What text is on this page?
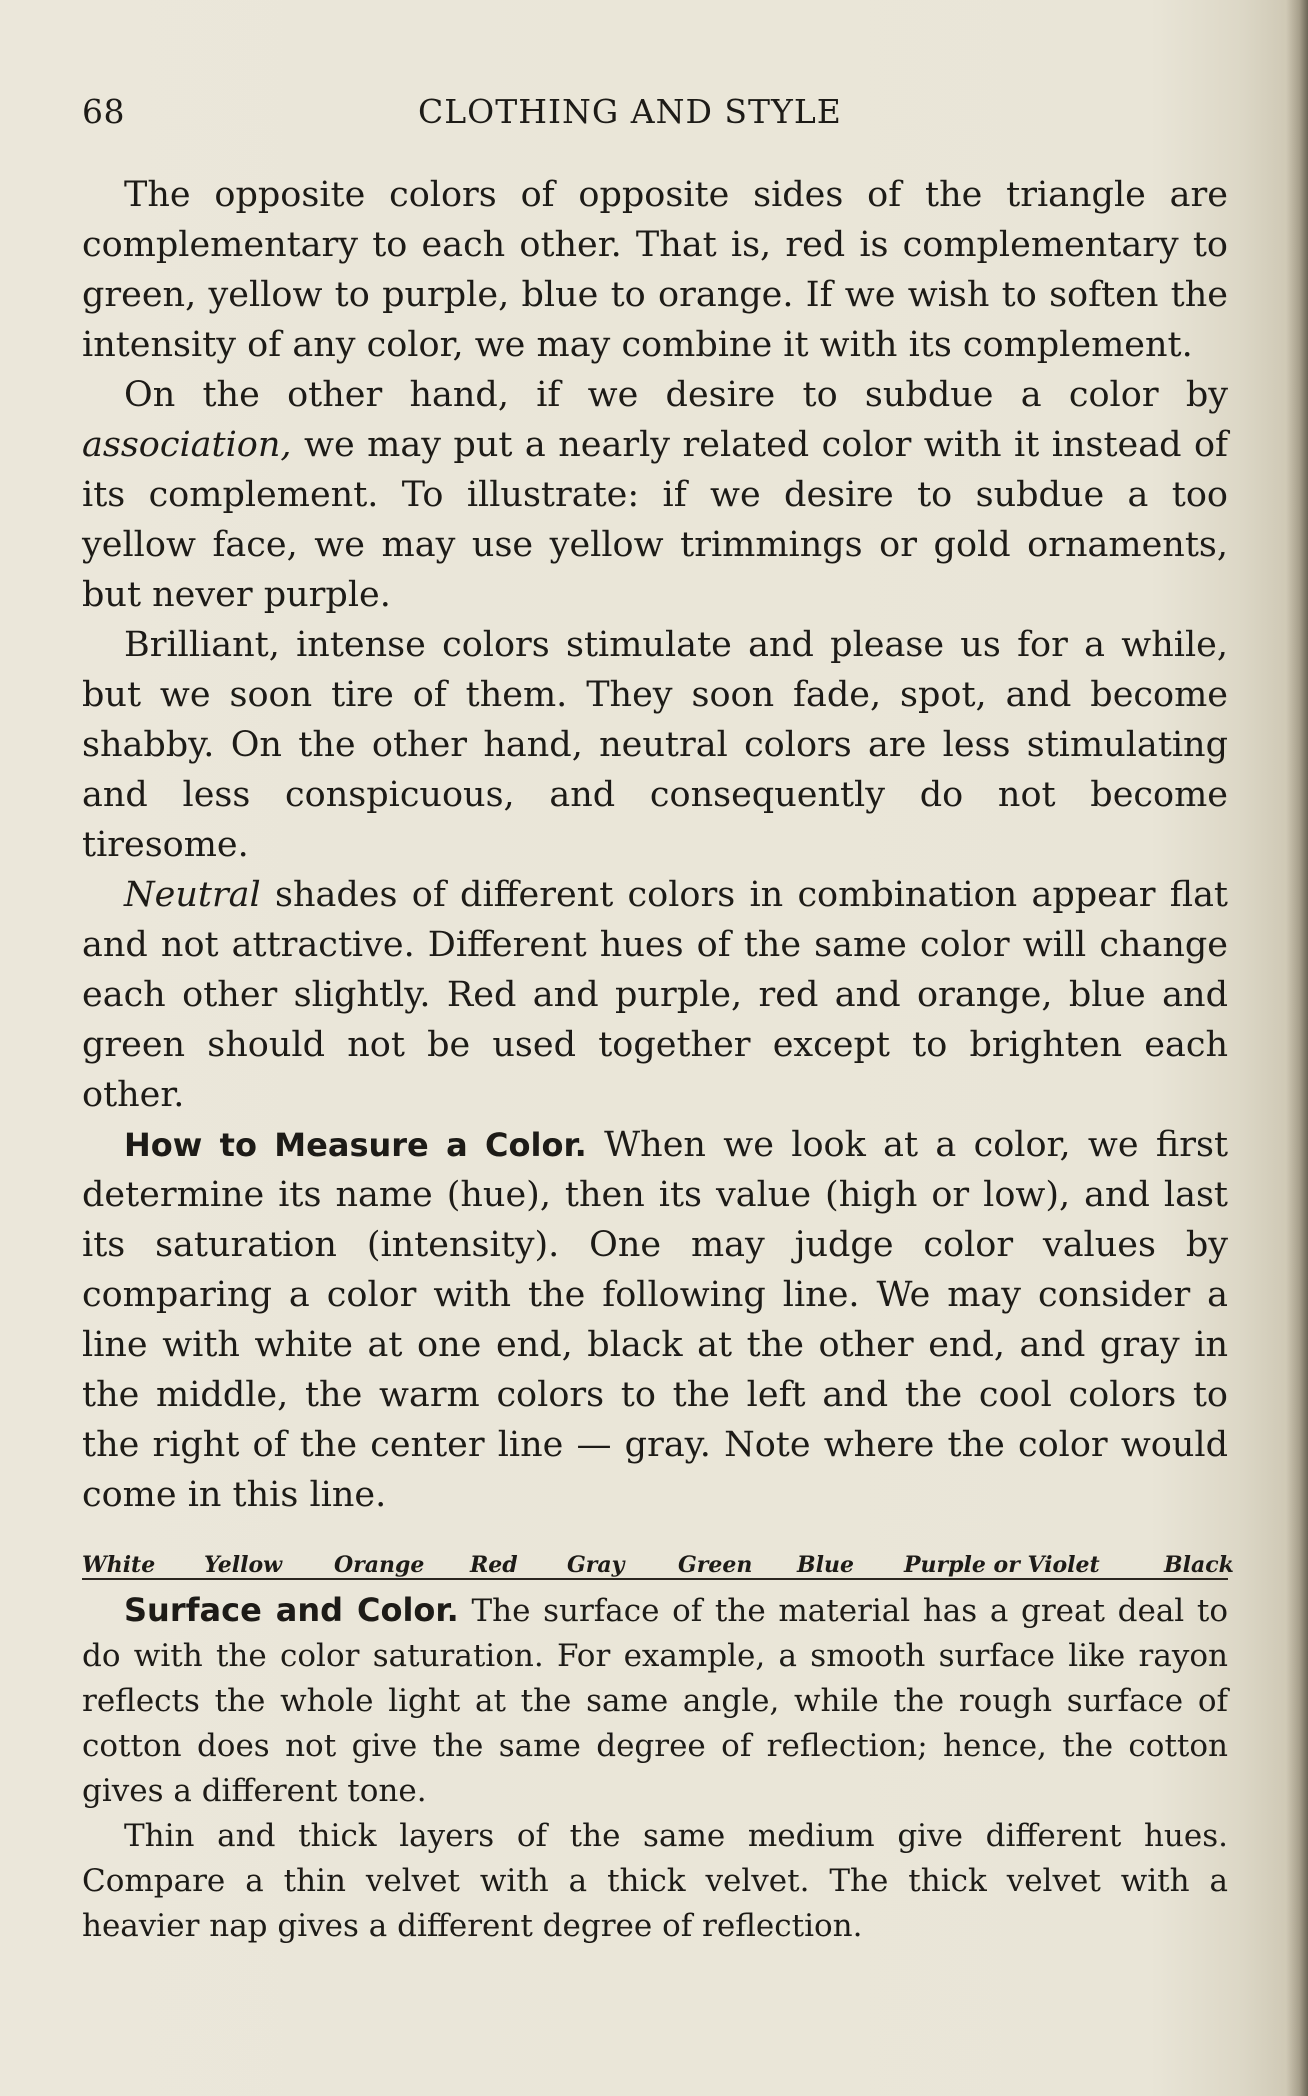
68	CLOTHING AND STYLE

The opposite colors of opposite sides of the triangle are complementary to each other. That is, red is complementary to green, yellow to purple, blue to orange. If we wish to soften the intensity of any color, we may combine it with its complement.

On the other hand, if we desire to subdue a color by association, we may put a nearly related color with it instead of its complement. To illustrate: if we desire to subdue a too yellow face, we may use yellow trimmings or gold ornaments, but never purple.

Brilliant, intense colors stimulate and please us for a while, but we soon tire of them. They soon fade, spot, and become shabby. On the other hand, neutral colors are less stimulating and less conspicuous, and consequently do not become tiresome.

Neutral shades of different colors in combination appear flat and not attractive. Different hues of the same color will change each other slightly. Red and purple, red and orange, blue and green should not be used together except to brighten each other.

How to Measure a Color. When we look at a color, we first determine its name (hue), then its value (high or low), and last its saturation (intensity). One may judge color values by comparing a color with the following line. We may consider a line with white at one end, black at the other end, and gray in the middle, the warm colors to the left and the cool colors to the right of the center line — gray. Note where the color would come in this line.

White Yellow Orange Red Gray Green Blue Purple or Violet	Black

Surface and Color. The surface of the material has a great deal to do with the color saturation. For example, a smooth surface like rayon reflects the whole light at the same angle, while the rough surface of cotton does not give the same degree of reflection; hence, the cotton gives a different tone.

Thin and thick layers of the same medium give different hues. Compare a thin velvet with a thick velvet. The thick velvet with a heavier nap gives a different degree of reflection.
